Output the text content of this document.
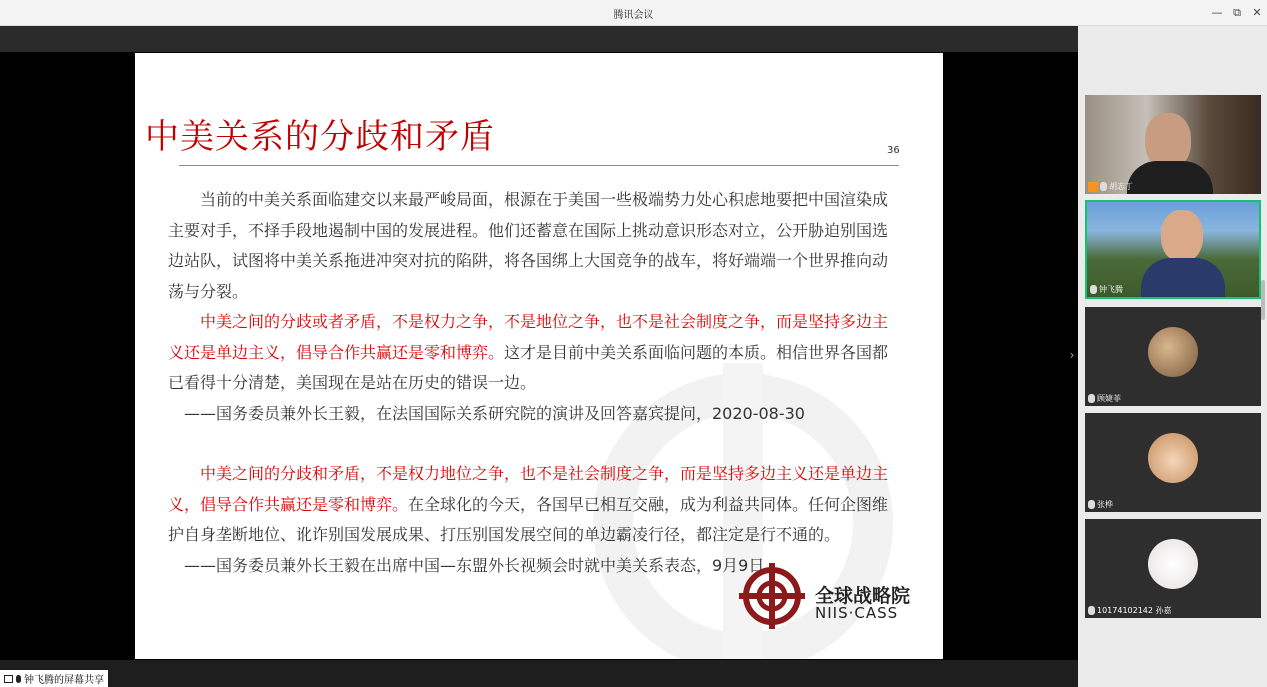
腾讯会议	— ⧉	✕
中美关系的分歧和矛盾	36

当前的中美关系面临建交以来最严峻局面，根源在于美国一些极端势力处心积虑地要把中国渲染成主要对手，不择手段地遏制中国的发展进程。他们还蓄意在国际上挑动意识形态对立，公开胁迫别国选边站队，试图将中美关系拖进冲突对抗的陷阱，将各国绑上大国竞争的战车，将好端端一个世界推向动荡与分裂。

中美之间的分歧或者矛盾，不是权力之争，不是地位之争，也不是社会制度之争，而是坚持多边主义还是单边主义，倡导合作共赢还是零和博弈。这才是目前中美关系面临问题的本质。相信世界各国都已看得十分清楚，美国现在是站在历史的错误一边。

——国务委员兼外长王毅，在法国国际关系研究院的演讲及回答嘉宾提问，2020-08-30

中美之间的分歧和矛盾，不是权力地位之争，也不是社会制度之争，而是坚持多边主义还是单边主义，倡导合作共赢还是零和博弈。在全球化的今天，各国早已相互交融，成为利益共同体。任何企图维护自身垄断地位、讹诈别国发展成果、打压别国发展空间的单边霸凌行径，都注定是行不通的。

——国务委员兼外长王毅在出席中国—东盟外长视频会时就中美关系表态，9月9日

全球战略院
NIIS·CASS
›
胡志丁
钟飞腾
顾婕菲
张桦
10174102142 孙嘉
钟飞腾的屏幕共享
